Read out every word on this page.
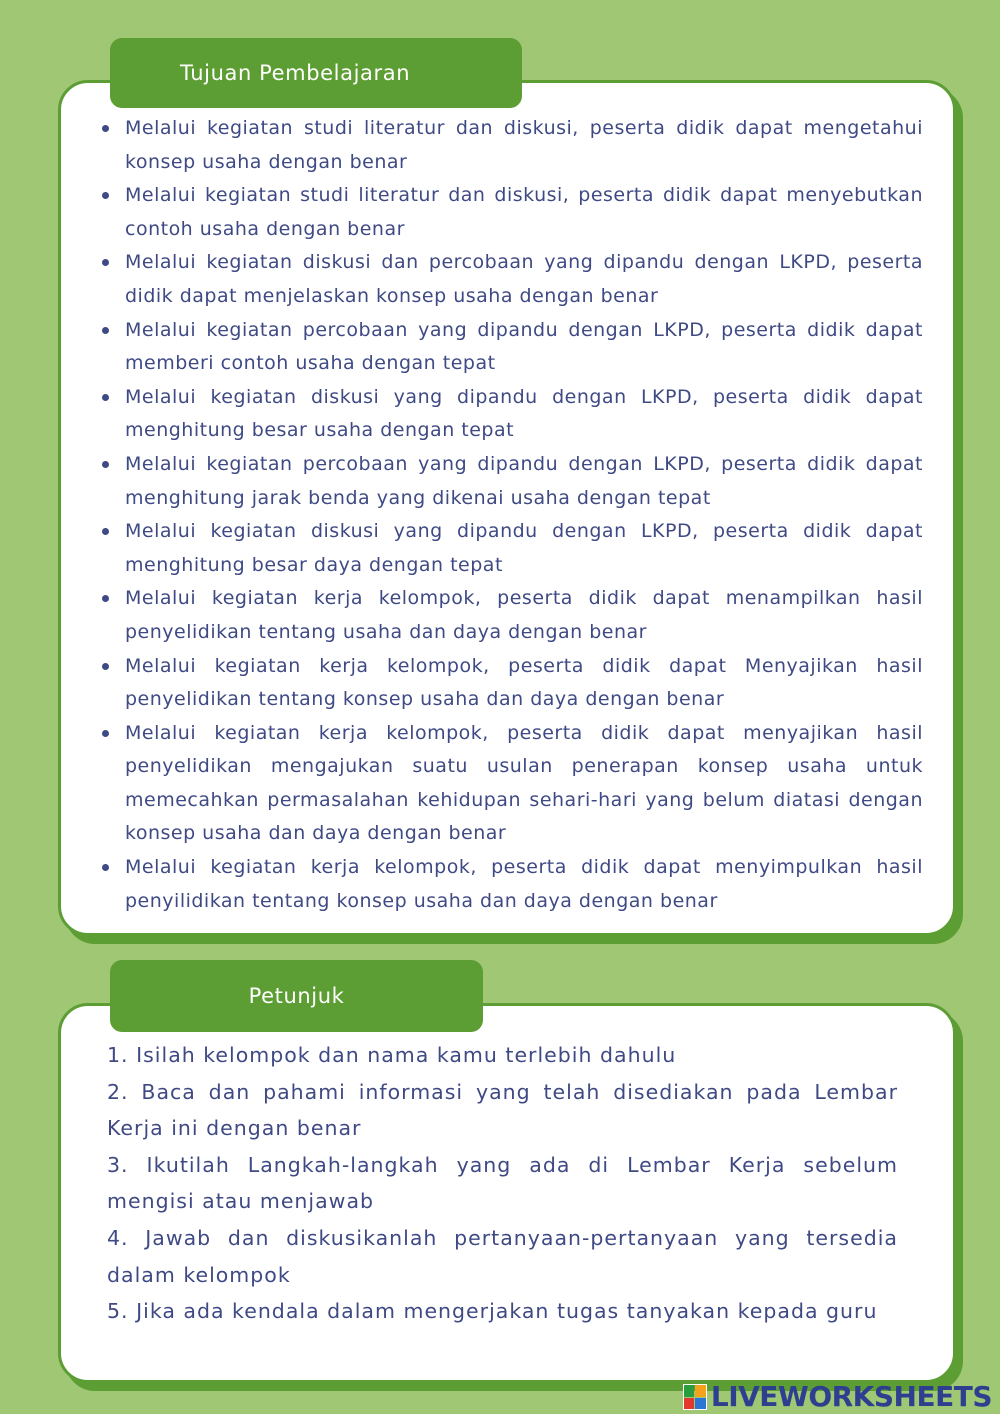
Tujuan Pembelajaran
Melalui kegiatan studi literatur dan diskusi, peserta didik dapat mengetahui konsep usaha dengan benar
Melalui kegiatan studi literatur dan diskusi, peserta didik dapat menyebutkan contoh usaha dengan benar
Melalui kegiatan diskusi dan percobaan yang dipandu dengan LKPD, peserta didik dapat menjelaskan konsep usaha dengan benar
Melalui kegiatan percobaan yang dipandu dengan LKPD, peserta didik dapat memberi contoh usaha dengan tepat
Melalui kegiatan diskusi yang dipandu dengan LKPD, peserta didik dapat menghitung besar usaha dengan tepat
Melalui kegiatan percobaan yang dipandu dengan LKPD, peserta didik dapat menghitung jarak benda yang dikenai usaha dengan tepat
Melalui kegiatan diskusi yang dipandu dengan LKPD, peserta didik dapat menghitung besar daya dengan tepat
Melalui kegiatan kerja kelompok, peserta didik dapat menampilkan hasil penyelidikan tentang usaha dan daya dengan benar
Melalui kegiatan kerja kelompok, peserta didik dapat Menyajikan hasil penyelidikan tentang konsep usaha dan daya dengan benar
Melalui kegiatan kerja kelompok, peserta didik dapat menyajikan hasil penyelidikan mengajukan suatu usulan penerapan konsep usaha untuk memecahkan permasalahan kehidupan sehari-hari yang belum diatasi dengan konsep usaha dan daya dengan benar
Melalui kegiatan kerja kelompok, peserta didik dapat menyimpulkan hasil penyilidikan tentang konsep usaha dan daya dengan benar
Petunjuk
1. Isilah kelompok dan nama kamu terlebih dahulu
2. Baca dan pahami informasi yang telah disediakan pada Lembar Kerja ini dengan benar
3. Ikutilah Langkah-langkah yang ada di Lembar Kerja sebelum mengisi atau menjawab
4. Jawab dan diskusikanlah pertanyaan-pertanyaan yang tersedia dalam kelompok
5. Jika ada kendala dalam mengerjakan tugas tanyakan kepada guru
LIVEWORKSHEETS
